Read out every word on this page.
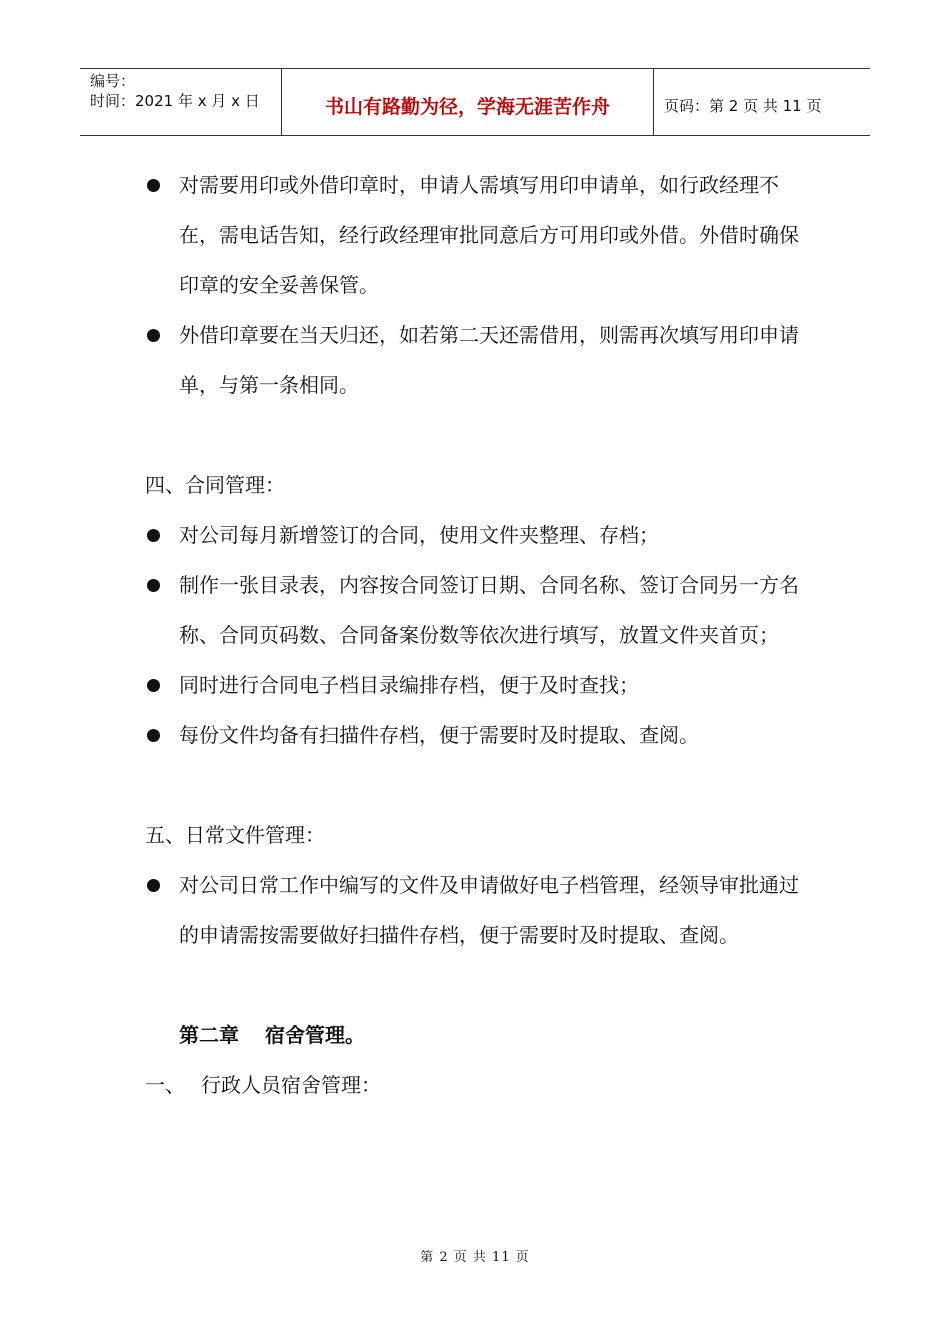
编号：
时间：2021 年 x 月 x 日	书山有路勤为径，学海无涯苦作舟	页码：第 2 页 共 11 页
对需要用印或外借印章时，申请人需填写用印申请单，如行政经理不在，需电话告知，经行政经理审批同意后方可用印或外借。外借时确保印章的安全妥善保管。
外借印章要在当天归还，如若第二天还需借用，则需再次填写用印申请单，与第一条相同。
四、合同管理：
对公司每月新增签订的合同，使用文件夹整理、存档；
制作一张目录表，内容按合同签订日期、合同名称、签订合同另一方名称、合同页码数、合同备案份数等依次进行填写，放置文件夹首页；
同时进行合同电子档目录编排存档，便于及时查找；
每份文件均备有扫描件存档，便于需要时及时提取、查阅。
五、日常文件管理：
对公司日常工作中编写的文件及申请做好电子档管理，经领导审批通过的申请需按需要做好扫描件存档，便于需要时及时提取、查阅。
第二章 宿舍管理。
一、 行政人员宿舍管理：
第 2 页 共 11 页
